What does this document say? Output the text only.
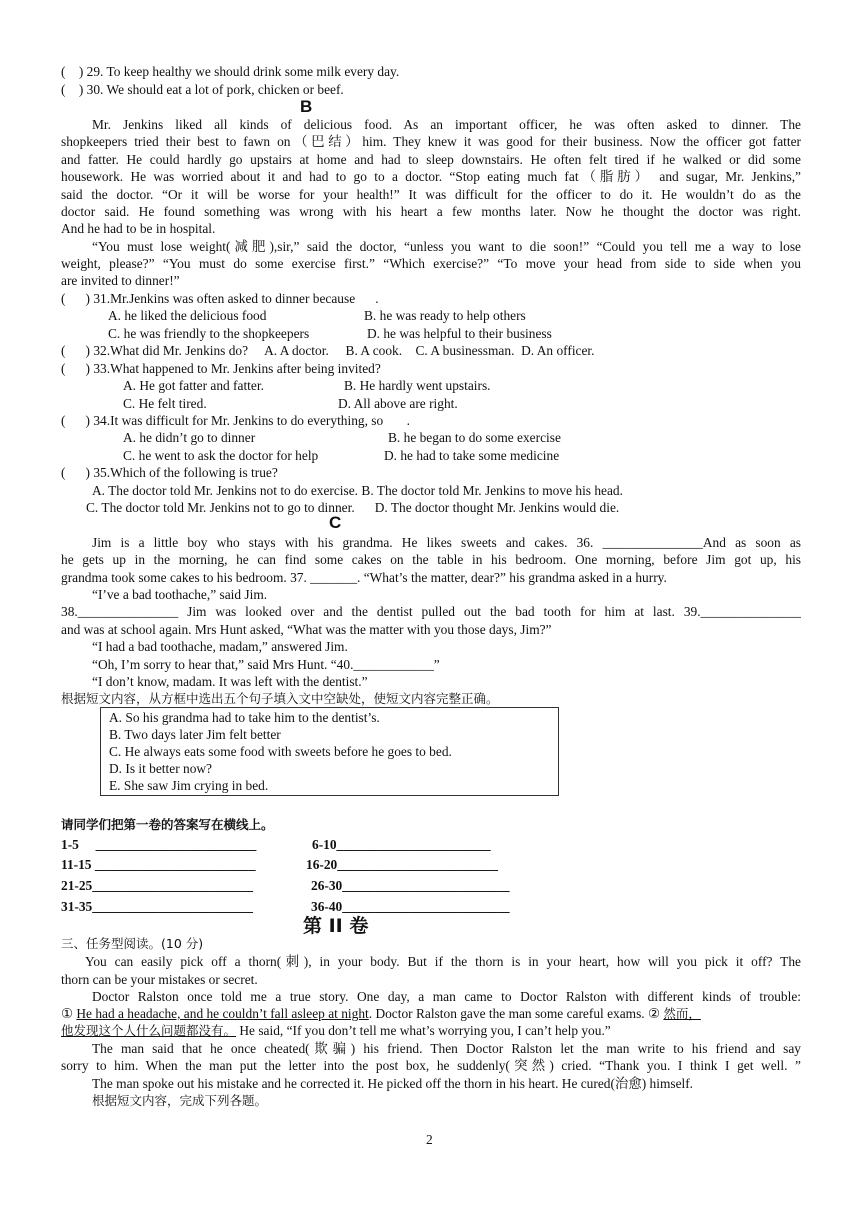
(    ) 29. To keep healthy we should drink some milk every day.
(    ) 30. We should eat a lot of pork, chicken or beef.
B
Mr. Jenkins liked all kinds of delicious food. As an important officer, he was often asked to dinner. The
shopkeepers tried their best to fawn on（巴结）him. They knew it was good for their business. Now the officer got fatter
and fatter. He could hardly go upstairs at home and had to sleep downstairs. He often felt tired if he walked or did some
housework. He was worried about it and had to go to a doctor. “Stop eating much fat（脂肪） and sugar, Mr. Jenkins,”
said the doctor. “Or it will be worse for your health!” It was difficult for the officer to do it. He wouldn’t do as the
doctor said. He found something was wrong with his heart a few months later. Now he thought the doctor was right.
And he had to be in hospital.
“You must lose weight(减肥),sir,” said the doctor, “unless you want to die soon!” “Could you tell me a way to lose
weight, please?” “You must do some exercise first.” “Which exercise?” “To move your head from side to side when you
are invited to dinner!”
(      ) 31.Mr.Jenkins was often asked to dinner because      .
A. he liked the delicious food	B. he was ready to help others
C. he was friendly to the shopkeepers	D. he was helpful to their business
(      ) 32.What did Mr. Jenkins do?     A. A doctor.     B. A cook.    C. A businessman.  D. An officer.
(      ) 33.What happened to Mr. Jenkins after being invited?
A. He got fatter and fatter.	B. He hardly went upstairs.
C. He felt tired.	D. All above are right.
(      ) 34.It was difficult for Mr. Jenkins to do everything, so       .
A. he didn’t go to dinner	B. he began to do some exercise
C. he went to ask the doctor for help	D. he had to take some medicine
(      ) 35.Which of the following is true?
A. The doctor told Mr. Jenkins not to do exercise. B. The doctor told Mr. Jenkins to move his head.
C. The doctor told Mr. Jenkins not to go to dinner.      D. The doctor thought Mr. Jenkins would die.
C
Jim is a little boy who stays with his grandma. He likes sweets and cakes. 36. _______________And as soon as
he gets up in the morning, he can find some cakes on the table in his bedroom. One morning, before Jim got up, his
grandma took some cakes to his bedroom. 37. _______. “What’s the matter, dear?” his grandma asked in a hurry.
“I’ve a bad toothache,” said Jim.
38._______________ Jim was looked over and the dentist pulled out the bad tooth for him at last. 39._______________
and was at school again. Mrs Hunt asked, “What was the matter with you those days, Jim?”
“I had a bad toothache, madam,” answered Jim.
“Oh, I’m sorry to hear that,” said Mrs Hunt. “40.____________”
“I don’t know, madam. It was left with the dentist.”
根据短文内容，从方框中选出五个句子填入文中空缺处，使短文内容完整正确。
A. So his grandma had to take him to the dentist’s.
B. Two days later Jim felt better
C. He always eats some food with sweets before he goes to bed.
D. Is it better now?
E. She saw Jim crying in bed.
请同学们把第一卷的答案写在横线上。
1-5     ________________________	6-10_______________________
11-15 ________________________	16-20________________________
21-25________________________	26-30_________________________
31-35________________________	36-40_________________________
第 II 卷
三、任务型阅读。(10 分)
You can easily pick off a thorn(刺), in your body. But if the thorn is in your heart, how will you pick it off? The
thorn can be your mistakes or secret.
Doctor Ralston once told me a true story. One day, a man came to Doctor Ralston with different kinds of trouble:
① He had a headache, and he couldn’t fall asleep at night. Doctor Ralston gave the man some careful exams. ② 然而，
他发现这个人什么问题都没有。 He said, “If you don’t tell me what’s worrying you, I can’t help you.”
The man said that he once cheated(欺骗) his friend. Then Doctor Ralston let the man write to his friend and say
sorry to him. When the man put the letter into the post box, he suddenly(突然) cried. “Thank you. I think I get well. ”
The man spoke out his mistake and he corrected it. He picked off the thorn in his heart. He cured(治愈) himself.
根据短文内容，完成下列各题。
2
